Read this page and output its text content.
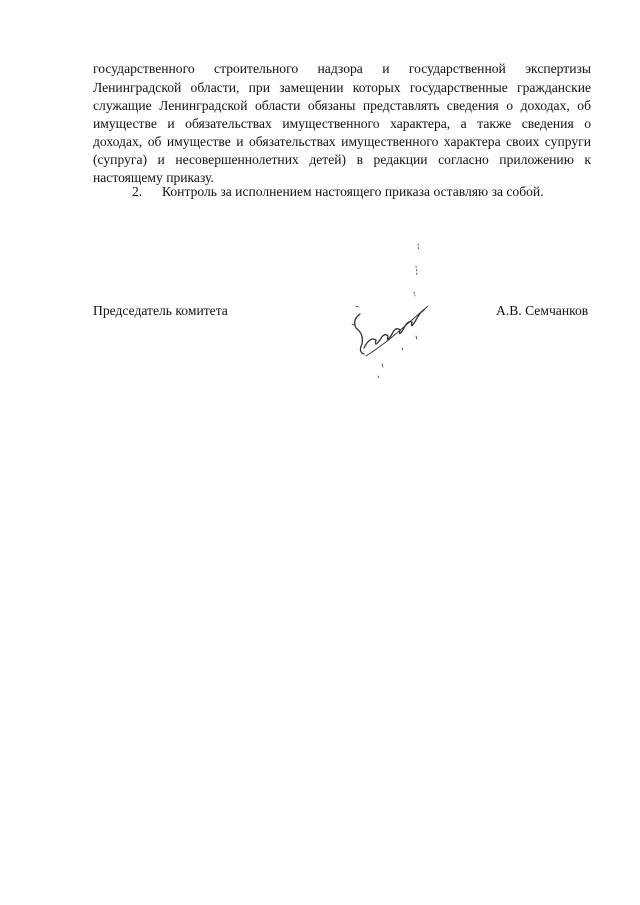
государственного строительного надзора и государственной экспертизы
Ленинградской области, при замещении которых государственные гражданские
служащие Ленинградской области обязаны представлять сведения о доходах, об
имуществе и обязательствах имущественного характера, а также сведения о
доходах, об имуществе и обязательствах имущественного характера своих супруги
(супруга) и несовершеннолетних детей) в редакции согласно приложению к
настоящему приказу.
2. Контроль за исполнением настоящего приказа оставляю за собой.
Председатель комитета	А.В. Семчанков
